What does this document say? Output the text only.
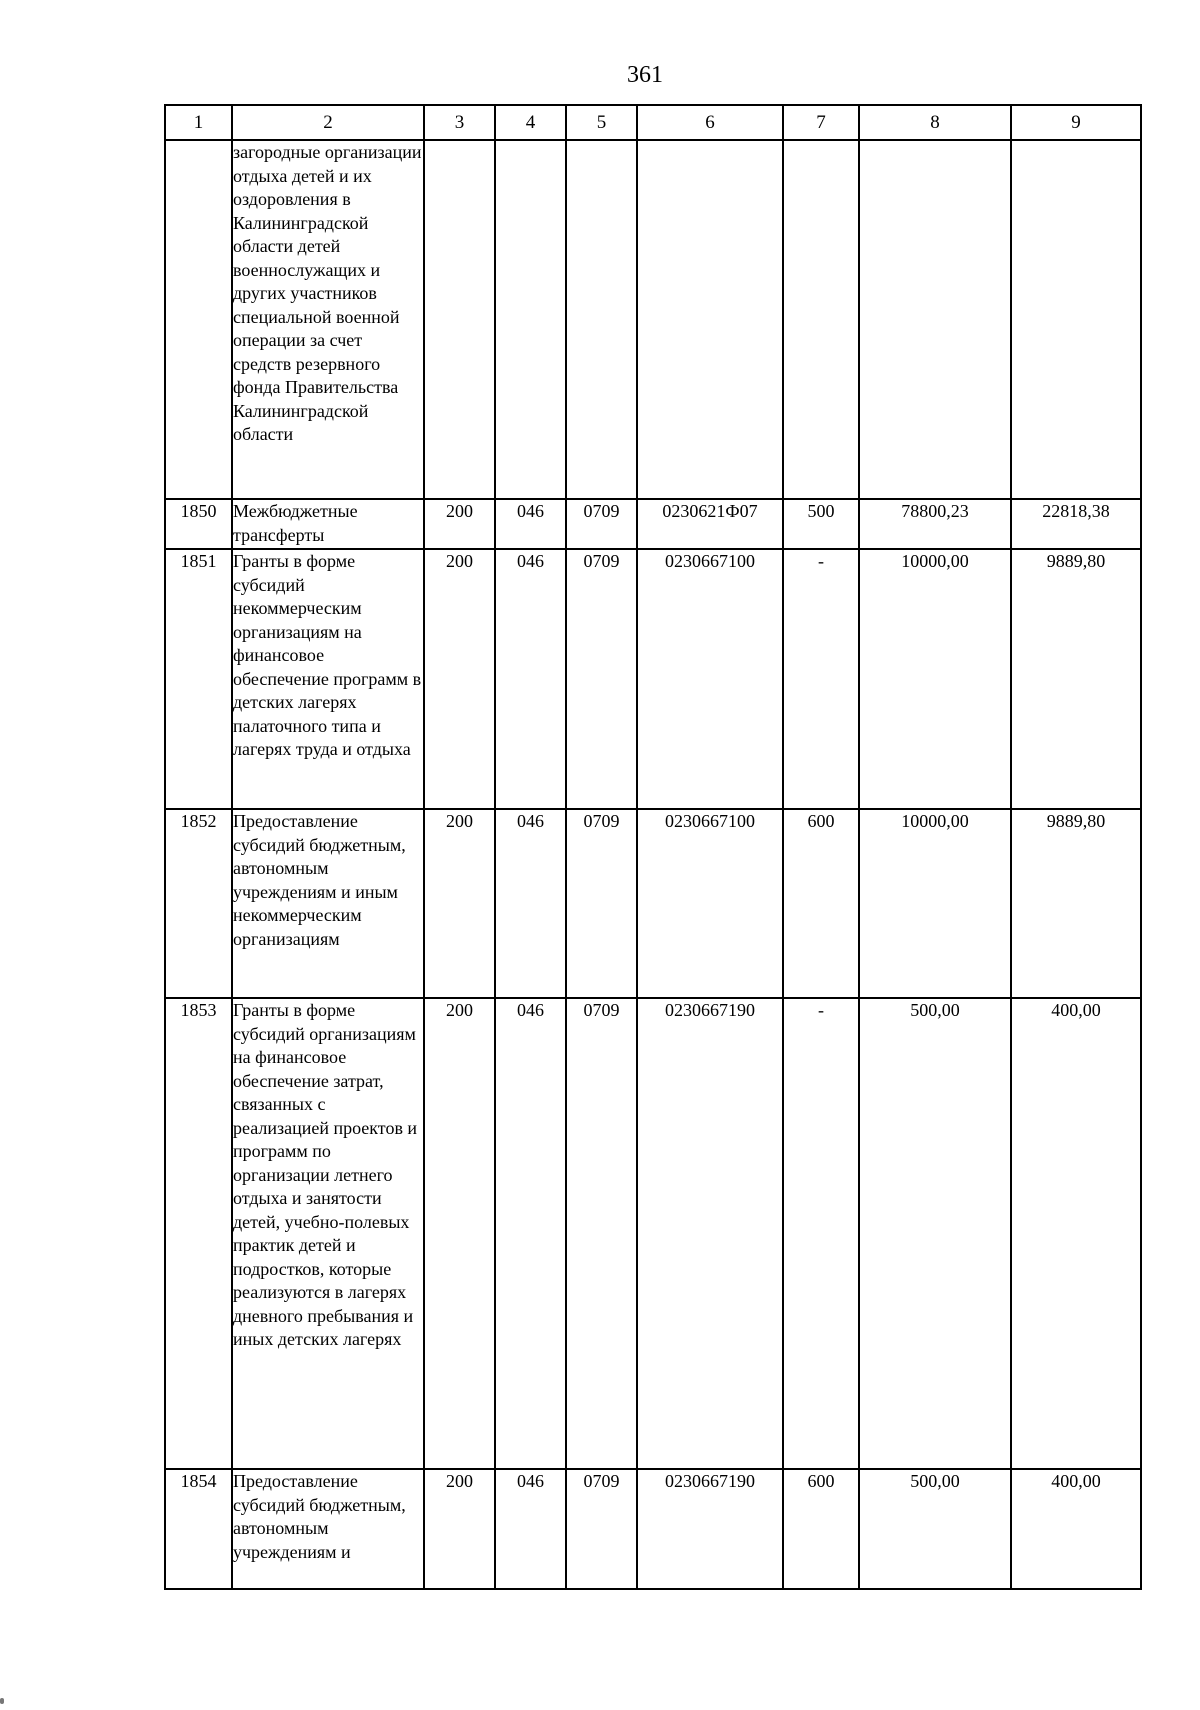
361
1	2	3	4	5	6	7	8	9
	загородные организации отдыха детей и их оздоровления в Калининградской области детей военнослужащих и других участников специальной военной операции за счет средств резервного фонда Правительства Калининградской области							
1850	Межбюджетные трансферты	200	046	0709	0230621Ф07	500	78800,23	22818,38
1851	Гранты в форме субсидий некоммерческим организациям на финансовое обеспечение программ в детских лагерях палаточного типа и лагерях труда и отдыха	200	046	0709	0230667100	-	10000,00	9889,80
1852	Предоставление субсидий бюджетным, автономным учреждениям и иным некоммерческим организациям	200	046	0709	0230667100	600	10000,00	9889,80
1853	Гранты в форме субсидий организациям на финансовое обеспечение затрат, связанных с реализацией проектов и программ по организации летнего отдыха и занятости детей, учебно-полевых практик детей и подростков, которые реализуются в лагерях дневного пребывания и иных детских лагерях	200	046	0709	0230667190	-	500,00	400,00
1854	Предоставление субсидий бюджетным, автономным учреждениям и	200	046	0709	0230667190	600	500,00	400,00
